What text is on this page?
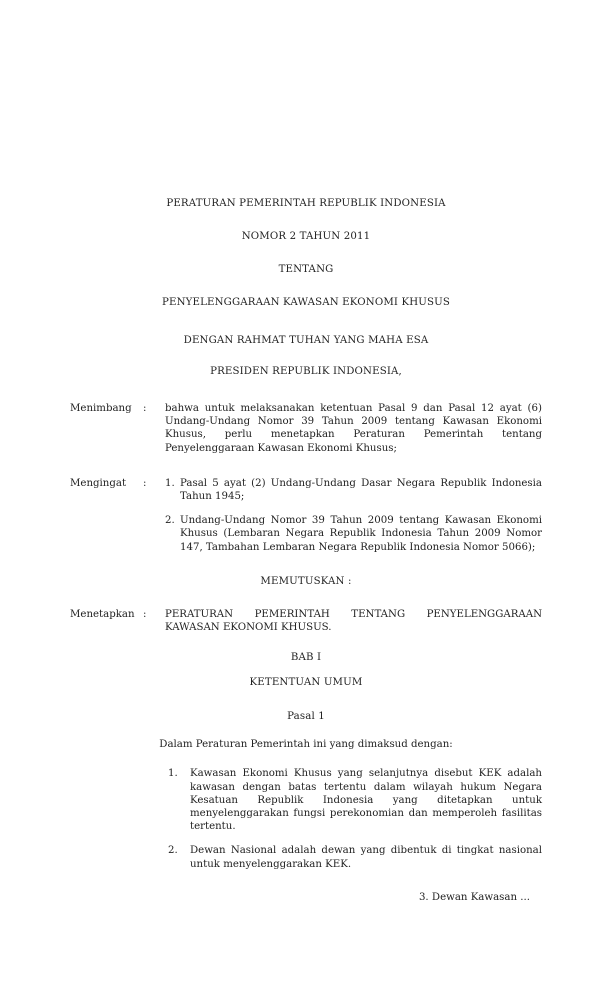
PERATURAN PEMERINTAH REPUBLIK INDONESIA
NOMOR 2 TAHUN 2011
TENTANG
PENYELENGGARAAN KAWASAN EKONOMI KHUSUS
DENGAN RAHMAT TUHAN YANG MAHA ESA
PRESIDEN REPUBLIK INDONESIA,
Menimbang	:	bahwa untuk melaksanakan ketentuan Pasal 9 dan Pasal 12 ayat (6) Undang-Undang Nomor 39 Tahun 2009 tentang Kawasan Ekonomi Khusus, perlu menetapkan Peraturan Pemerintah tentang Penyelenggaraan Kawasan Ekonomi Khusus;
Mengingat	:	1. Pasal 5 ayat (2) Undang-Undang Dasar Negara Republik Indonesia Tahun 1945;
2. Undang-Undang Nomor 39 Tahun 2009 tentang Kawasan Ekonomi Khusus (Lembaran Negara Republik Indonesia Tahun 2009 Nomor 147, Tambahan Lembaran Negara Republik Indonesia Nomor 5066);
MEMUTUSKAN :
Menetapkan :	PERATURAN PEMERINTAH TENTANG PENYELENGGARAAN KAWASAN EKONOMI KHUSUS.
BAB I
KETENTUAN UMUM
Pasal 1
Dalam Peraturan Pemerintah ini yang dimaksud dengan:
1.	Kawasan Ekonomi Khusus yang selanjutnya disebut KEK adalah kawasan dengan batas tertentu dalam wilayah hukum Negara Kesatuan Republik Indonesia yang ditetapkan untuk menyelenggarakan fungsi perekonomian dan memperoleh fasilitas tertentu.
2.	Dewan Nasional adalah dewan yang dibentuk di tingkat nasional untuk menyelenggarakan KEK.
3. Dewan Kawasan ...
